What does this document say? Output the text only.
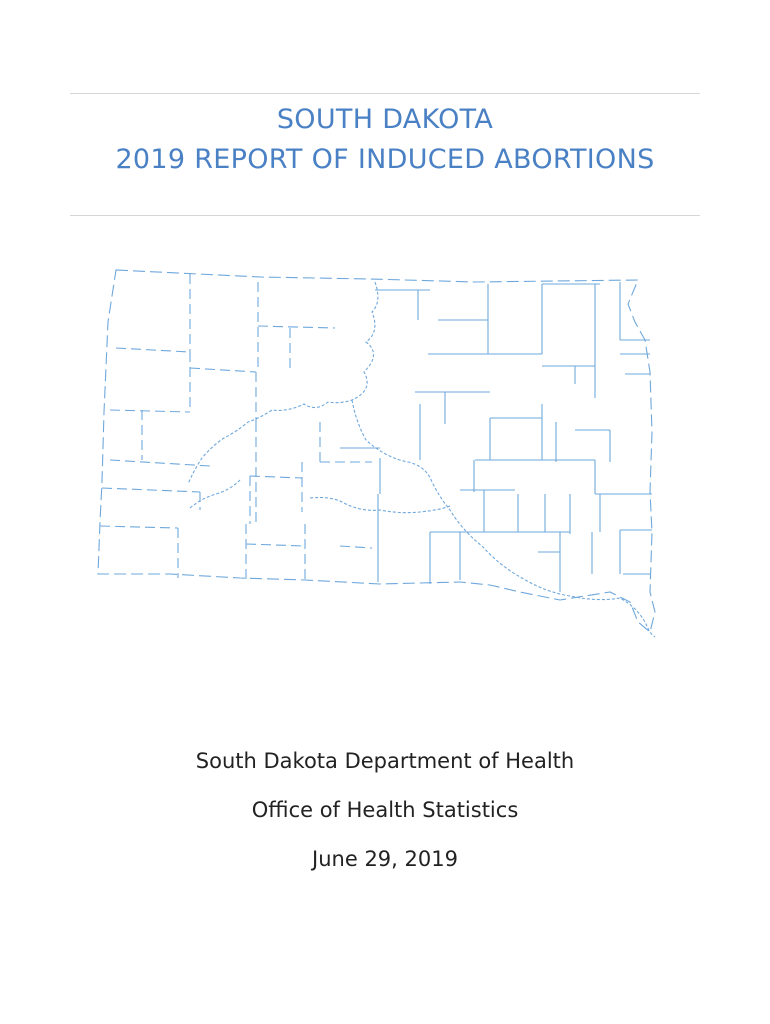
SOUTH DAKOTA
2019 REPORT OF INDUCED ABORTIONS
South Dakota Department of Health
Office of Health Statistics
June 29, 2019
